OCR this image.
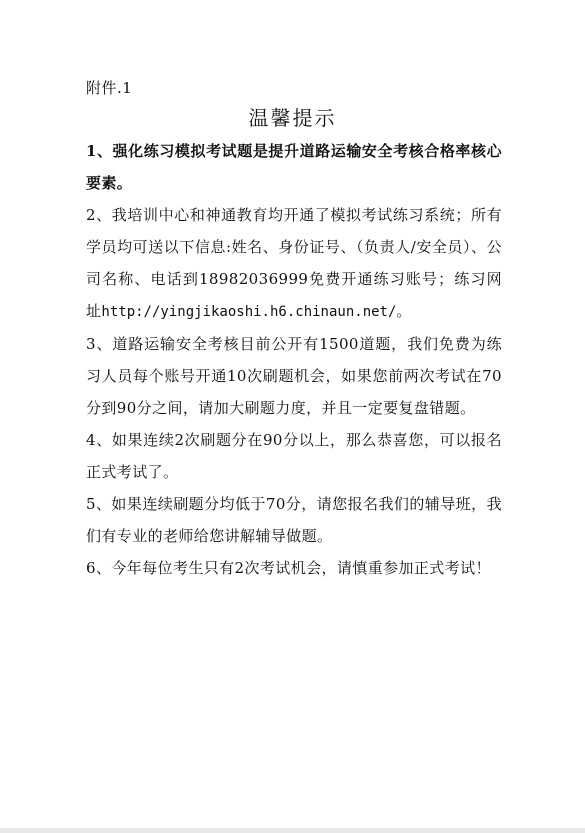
附件.1
温馨提示

1、强化练习模拟考试题是提升道路运输安全考核合格率核心要素。

2、我培训中心和神通教育均开通了模拟考试练习系统；所有学员均可送以下信息:姓名、身份证号、（负责人/安全员）、公司名称、电话到18982036999免费开通练习账号；练习网址http://yingjikaoshi.h6.chinaun.net/。

3、道路运输安全考核目前公开有1500道题，我们免费为练习人员每个账号开通10次刷题机会，如果您前两次考试在70分到90分之间，请加大刷题力度，并且一定要复盘错题。

4、如果连续2次刷题分在90分以上，那么恭喜您，可以报名正式考试了。

5、如果连续刷题分均低于70分，请您报名我们的辅导班，我们有专业的老师给您讲解辅导做题。

6、今年每位考生只有2次考试机会，请慎重参加正式考试！
